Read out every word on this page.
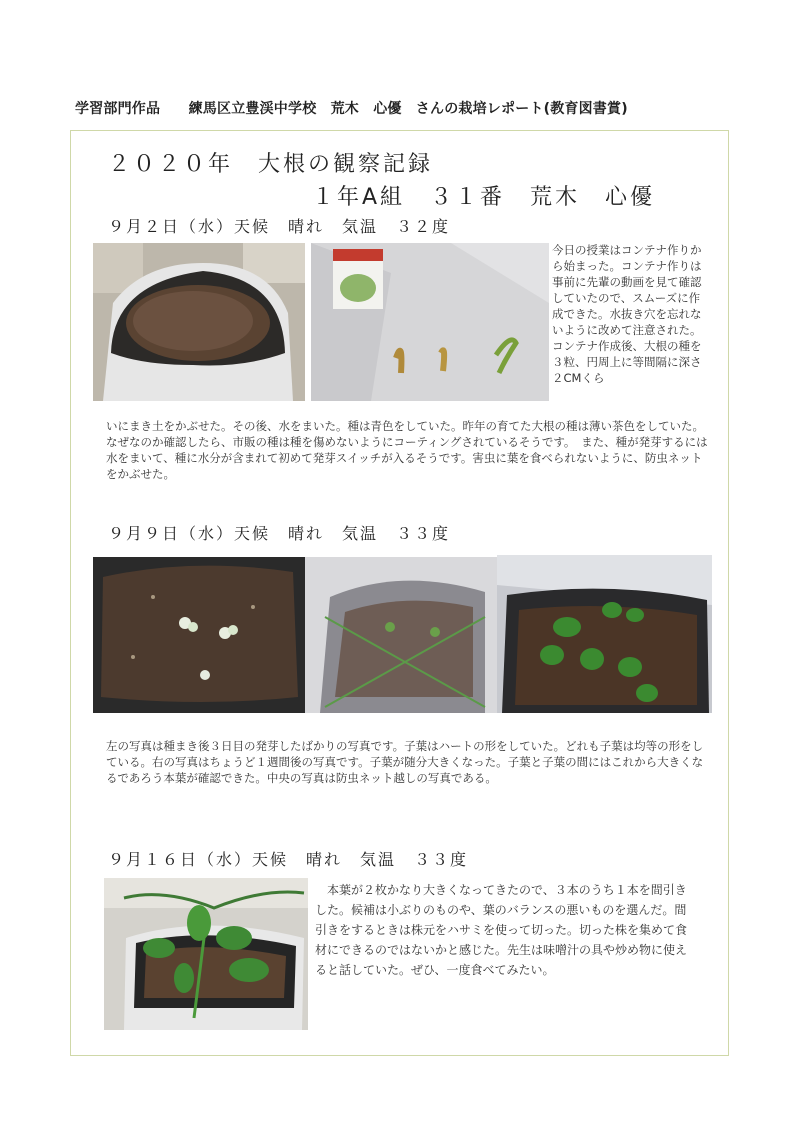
学習部門作品　　練馬区立豊渓中学校　荒木　心優　さんの栽培レポート(教育図書賞)
２０２０年　大根の観察記録
１年A組　３１番　荒木　心優
９月２日（水）天候　晴れ　気温　３２度
今日の授業はコンテナ作りから始まった。コンテナ作りは事前に先輩の動画を見て確認していたので、スムーズに作成できた。水抜き穴を忘れないように改めて注意された。コンテナ作成後、大根の種を３粒、円周上に等間隔に深さ２CMくら
いにまき土をかぶせた。その後、水をまいた。種は青色をしていた。昨年の育てた大根の種は薄い茶色をしていた。なぜなのか確認したら、市販の種は種を傷めないようにコーティングされているそうです。　また、種が発芽するには水をまいて、種に水分が含まれて初めて発芽スイッチが入るそうです。害虫に葉を食べられないように、防虫ネットをかぶせた。
９月９日（水）天候　晴れ　気温　３３度
左の写真は種まき後３日目の発芽したばかりの写真です。子葉はハートの形をしていた。どれも子葉は均等の形をしている。右の写真はちょうど１週間後の写真です。子葉が随分大きくなった。子葉と子葉の間にはこれから大きくなるであろう本葉が確認できた。中央の写真は防虫ネット越しの写真である。
９月１６日（水）天候　晴れ　気温　３３度
　本葉が２枚かなり大きくなってきたので、３本のうち１本を間引きした。候補は小ぶりのものや、葉のバランスの悪いものを選んだ。間引きをするときは株元をハサミを使って切った。切った株を集めて食材にできるのではないかと感じた。先生は味噌汁の具や炒め物に使えると話していた。ぜひ、一度食べてみたい。
